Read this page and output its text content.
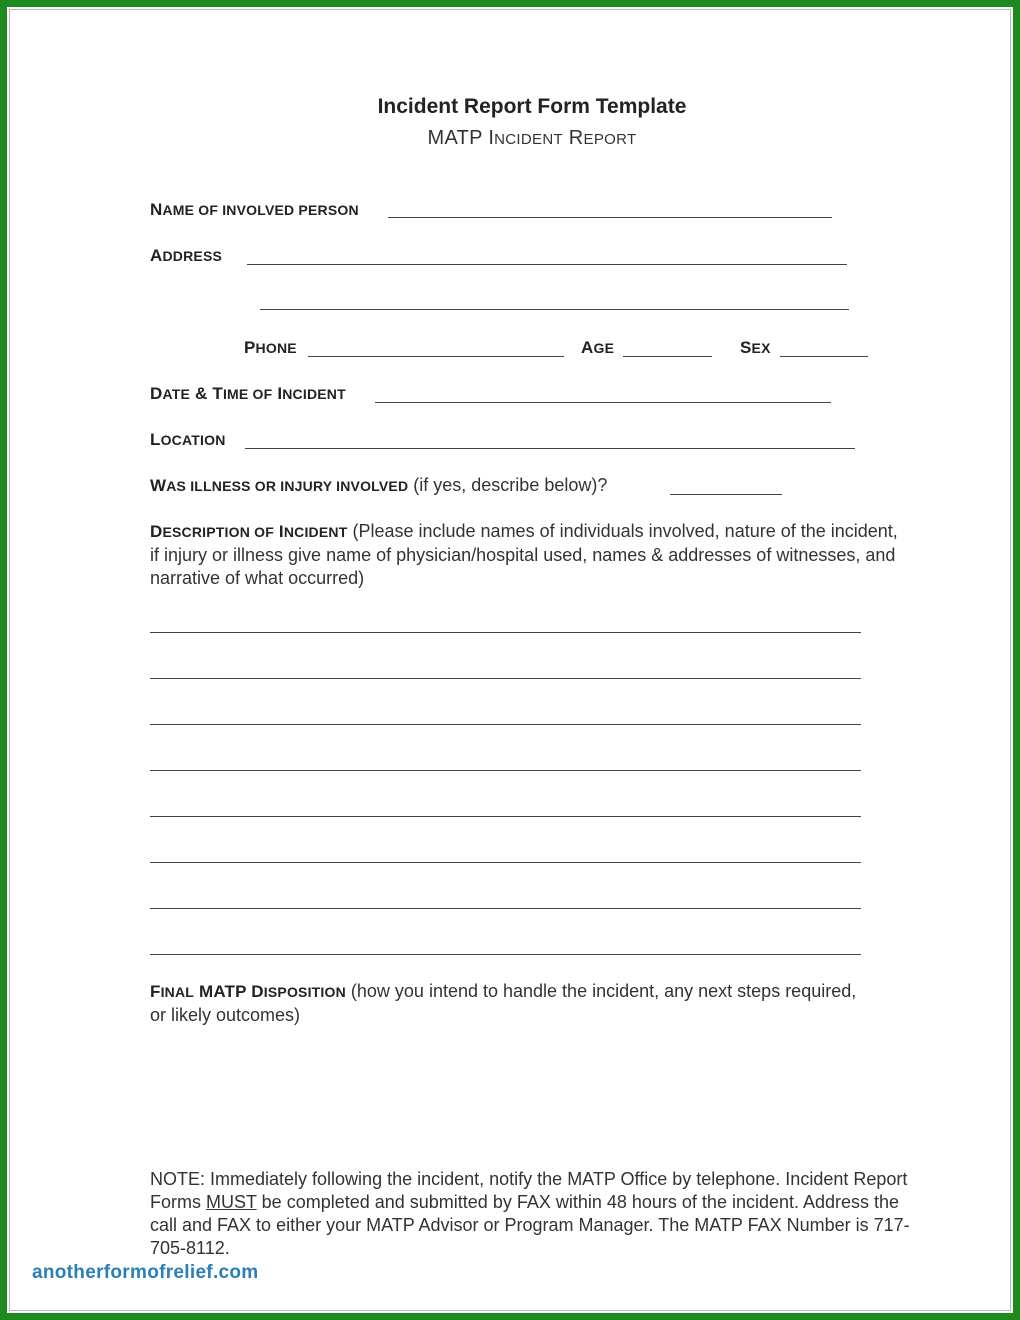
Incident Report Form Template
MATP INCIDENT REPORT
NAME OF INVOLVED PERSON
ADDRESS
PHONE	AGE	SEX
DATE & TIME OF INCIDENT
LOCATION
WAS ILLNESS OR INJURY INVOLVED (if yes, describe below)?
DESCRIPTION OF INCIDENT (Please include names of individuals involved, nature of the incident, if injury or illness give name of physician/hospital used, names & addresses of witnesses, and narrative of what occurred)
FINAL MATP DISPOSITION (how you intend to handle the incident, any next steps required, or likely outcomes)
NOTE: Immediately following the incident, notify the MATP Office by telephone. Incident Report Forms MUST be completed and submitted by FAX within 48 hours of the incident. Address the call and FAX to either your MATP Advisor or Program Manager. The MATP FAX Number is 717-705-8112.
anotherformofrelief.com
